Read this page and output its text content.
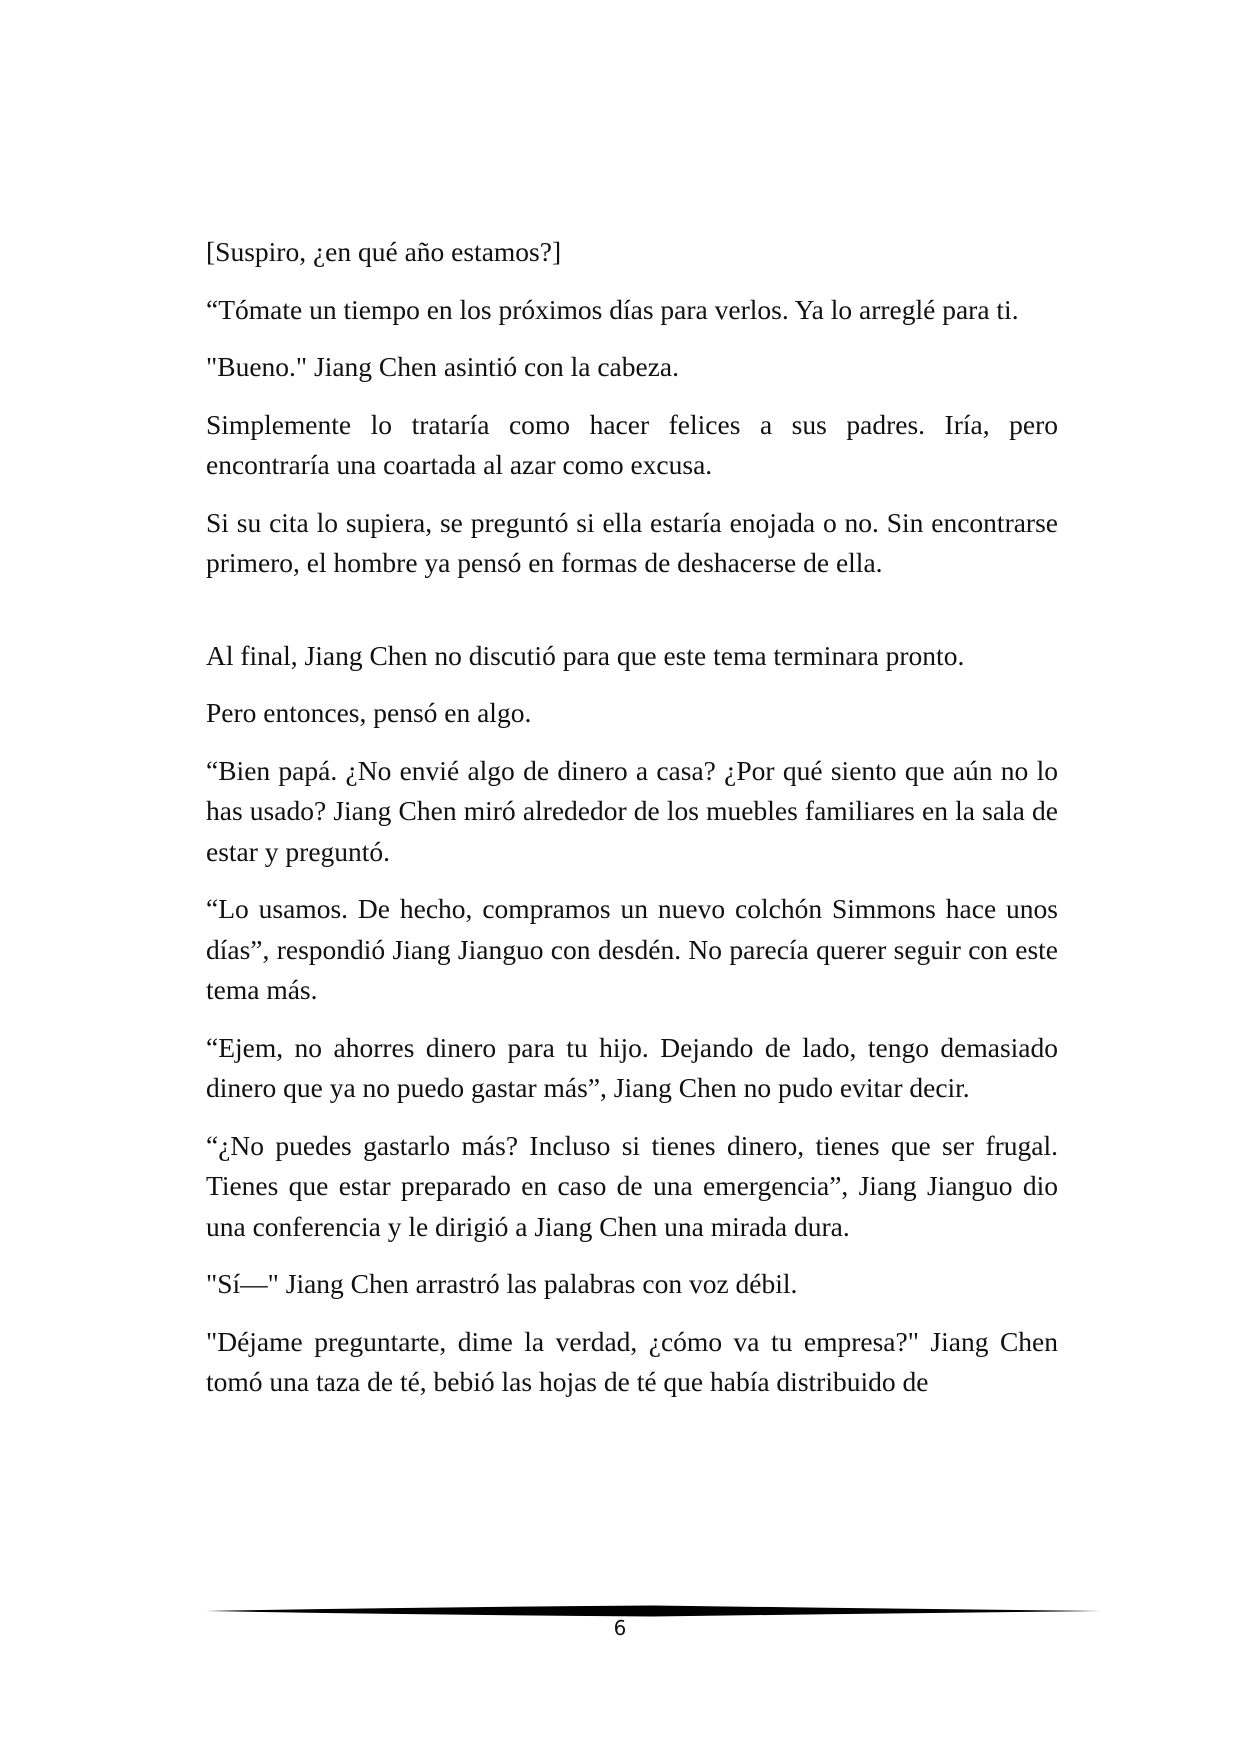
[Suspiro, ¿en qué año estamos?]

“Tómate un tiempo en los próximos días para verlos. Ya lo arreglé para ti.

"Bueno." Jiang Chen asintió con la cabeza.

Simplemente lo trataría como hacer felices a sus padres. Iría, pero encontraría una coartada al azar como excusa.

Si su cita lo supiera, se preguntó si ella estaría enojada o no. Sin encontrarse primero, el hombre ya pensó en formas de deshacerse de ella.

Al final, Jiang Chen no discutió para que este tema terminara pronto.

Pero entonces, pensó en algo.

“Bien papá. ¿No envié algo de dinero a casa? ¿Por qué siento que aún no lo has usado? Jiang Chen miró alrededor de los muebles familiares en la sala de estar y preguntó.

“Lo usamos. De hecho, compramos un nuevo colchón Simmons hace unos días”, respondió Jiang Jianguo con desdén. No parecía querer seguir con este tema más.

“Ejem, no ahorres dinero para tu hijo. Dejando de lado, tengo demasiado dinero que ya no puedo gastar más”, Jiang Chen no pudo evitar decir.

“¿No puedes gastarlo más? Incluso si tienes dinero, tienes que ser frugal. Tienes que estar preparado en caso de una emergencia”, Jiang Jianguo dio una conferencia y le dirigió a Jiang Chen una mirada dura.

"Sí—" Jiang Chen arrastró las palabras con voz débil.

"Déjame preguntarte, dime la verdad, ¿cómo va tu empresa?" Jiang Chen tomó una taza de té, bebió las hojas de té que había distribuido de

6
